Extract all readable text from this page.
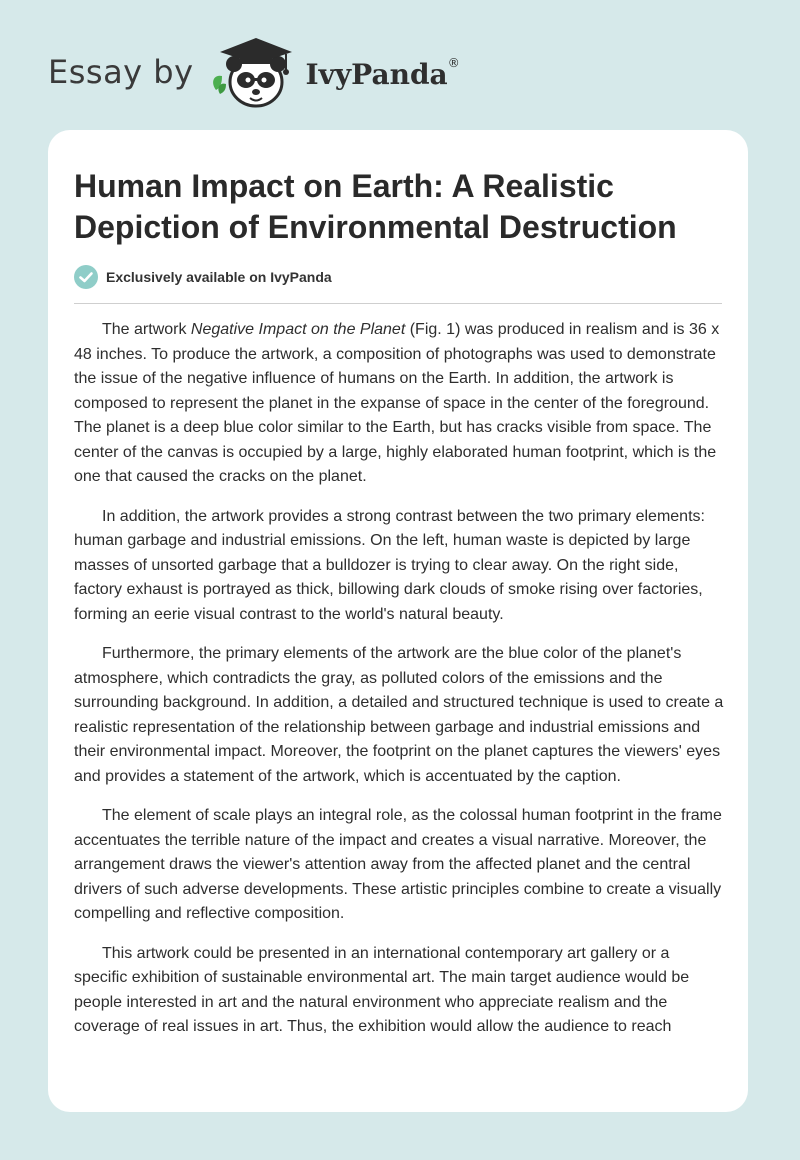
Essay by	IvyPanda®
Human Impact on Earth: A Realistic Depiction of Environmental Destruction
Exclusively available on IvyPanda

The artwork Negative Impact on the Planet (Fig. 1) was produced in realism and is 36 x 48 inches. To produce the artwork, a composition of photographs was used to demonstrate the issue of the negative influence of humans on the Earth. In addition, the artwork is composed to represent the planet in the expanse of space in the center of the foreground. The planet is a deep blue color similar to the Earth, but has cracks visible from space. The center of the canvas is occupied by a large, highly elaborated human footprint, which is the one that caused the cracks on the planet.

In addition, the artwork provides a strong contrast between the two primary elements: human garbage and industrial emissions. On the left, human waste is depicted by large masses of unsorted garbage that a bulldozer is trying to clear away. On the right side, factory exhaust is portrayed as thick, billowing dark clouds of smoke rising over factories, forming an eerie visual contrast to the world's natural beauty.

Furthermore, the primary elements of the artwork are the blue color of the planet's atmosphere, which contradicts the gray, as polluted colors of the emissions and the surrounding background. In addition, a detailed and structured technique is used to create a realistic representation of the relationship between garbage and industrial emissions and their environmental impact. Moreover, the footprint on the planet captures the viewers' eyes and provides a statement of the artwork, which is accentuated by the caption.

The element of scale plays an integral role, as the colossal human footprint in the frame accentuates the terrible nature of the impact and creates a visual narrative. Moreover, the arrangement draws the viewer's attention away from the affected planet and the central drivers of such adverse developments. These artistic principles combine to create a visually compelling and reflective composition.

This artwork could be presented in an international contemporary art gallery or a specific exhibition of sustainable environmental art. The main target audience would be people interested in art and the natural environment who appreciate realism and the coverage of real issues in art. Thus, the exhibition would allow the audience to reach
